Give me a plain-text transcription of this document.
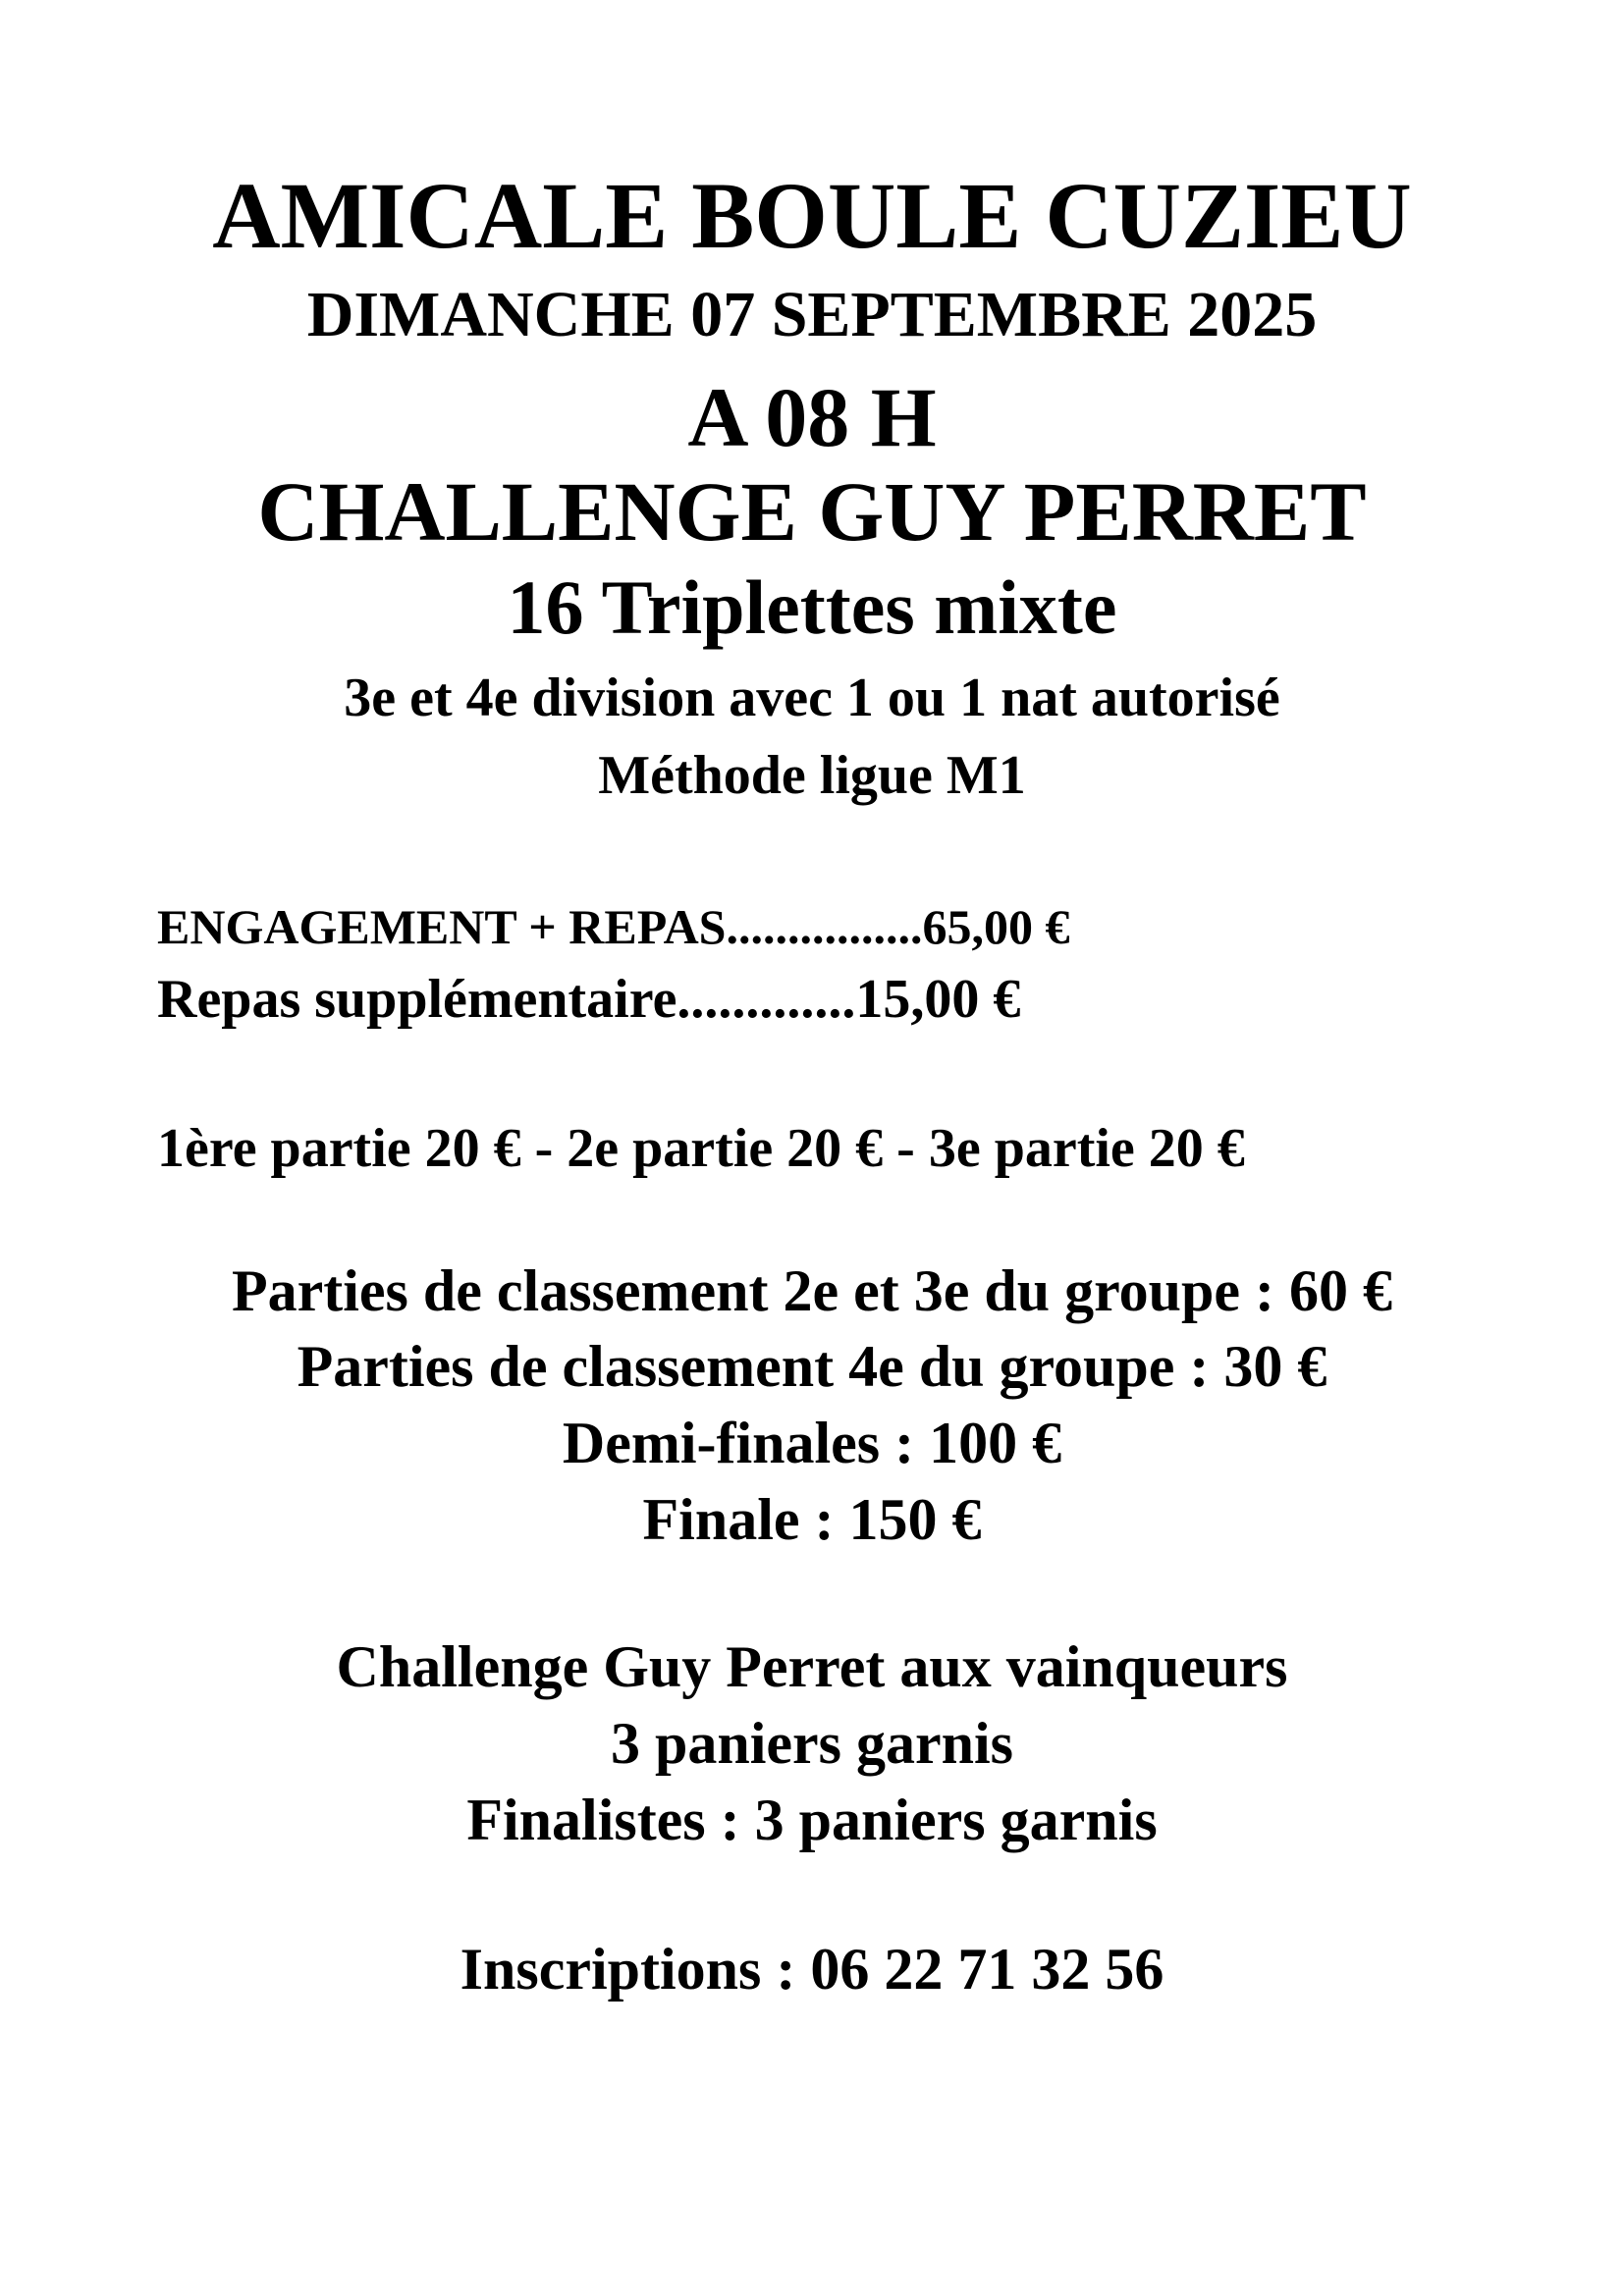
AMICALE BOULE CUZIEU
DIMANCHE 07 SEPTEMBRE 2025
A 08 H
CHALLENGE GUY PERRET
16 Triplettes mixte
3e et 4e division avec 1 ou 1 nat autorisé
Méthode ligue M1
ENGAGEMENT + REPAS................65,00 €
Repas supplémentaire.............15,00 €
1ère partie 20 € - 2e partie 20 € - 3e partie 20 €
Parties de classement 2e et 3e du groupe : 60 €
Parties de classement 4e du groupe : 30 €
Demi-finales : 100 €
Finale : 150 €
Challenge Guy Perret aux vainqueurs
3 paniers garnis
Finalistes : 3 paniers garnis
Inscriptions : 06 22 71 32 56
